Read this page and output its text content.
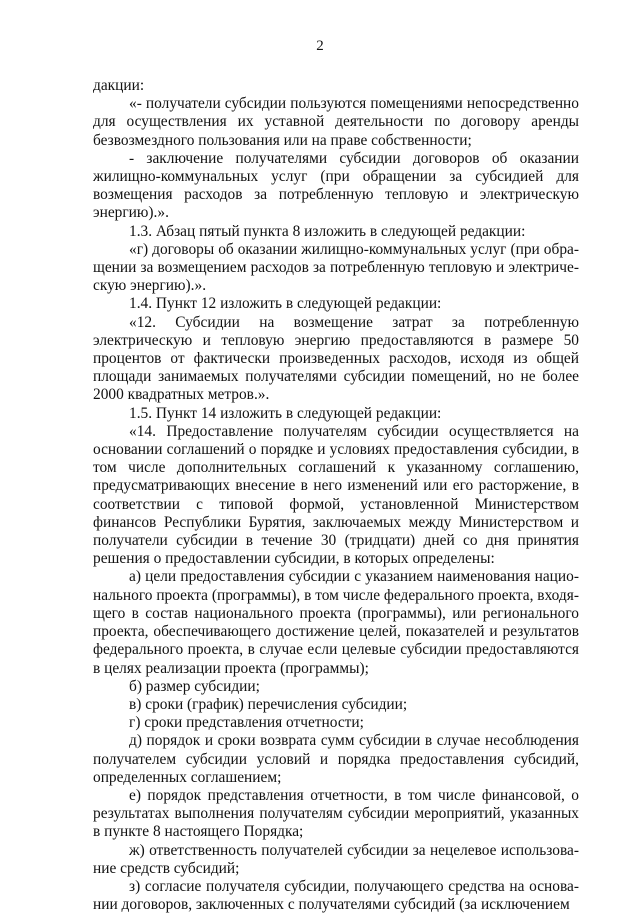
2

дакции:

«- получатели субсидии пользуются помещениями непосредственно для осуществления их уставной деятельности по договору аренды безвозмездного пользования или на праве собственности;

- заключение получателями субсидии договоров об оказании жилищно-коммунальных услуг (при обращении за субсидией для возмещения расходов за потребленную тепловую и электрическую энергию).».

1.3. Абзац пятый пункта 8 изложить в следующей редакции:

«г) договоры об оказании жилищно-коммунальных услуг (при обращении за возмещением расходов за потребленную тепловую и электрическую энергию).».

1.4. Пункт 12 изложить в следующей редакции:

«12. Субсидии на возмещение затрат за потребленную электрическую и тепловую энергию предоставляются в размере 50 процентов от фактически произведенных расходов, исходя из общей площади занимаемых получателями субсидии помещений, но не более 2000 квадратных метров.».

1.5. Пункт 14 изложить в следующей редакции:

«14. Предоставление получателям субсидии осуществляется на основании соглашений о порядке и условиях предоставления субсидии, в том числе дополнительных соглашений к указанному соглашению, предусматривающих внесение в него изменений или его расторжение, в соответствии с типовой формой, установленной Министерством финансов Республики Бурятия, заключаемых между Министерством и получатели субсидии в течение 30 (тридцати) дней со дня принятия решения о предоставлении субсидии, в которых определены:

а) цели предоставления субсидии с указанием наименования национального проекта (программы), в том числе федерального проекта, входящего в состав национального проекта (программы), или регионального проекта, обеспечивающего достижение целей, показателей и результатов федерального проекта, в случае если целевые субсидии предоставляются в целях реализации проекта (программы);

б) размер субсидии;

в) сроки (график) перечисления субсидии;

г) сроки представления отчетности;

д) порядок и сроки возврата сумм субсидии в случае несоблюдения получателем субсидии условий и порядка предоставления субсидий, определенных соглашением;

е) порядок представления отчетности, в том числе финансовой, о результатах выполнения получателям субсидии мероприятий, указанных в пункте 8 настоящего Порядка;

ж) ответственность получателей субсидии за нецелевое использование средств субсидий;

з) согласие получателя субсидии, получающего средства на основании договоров, заключенных с получателями субсидий (за исключением
